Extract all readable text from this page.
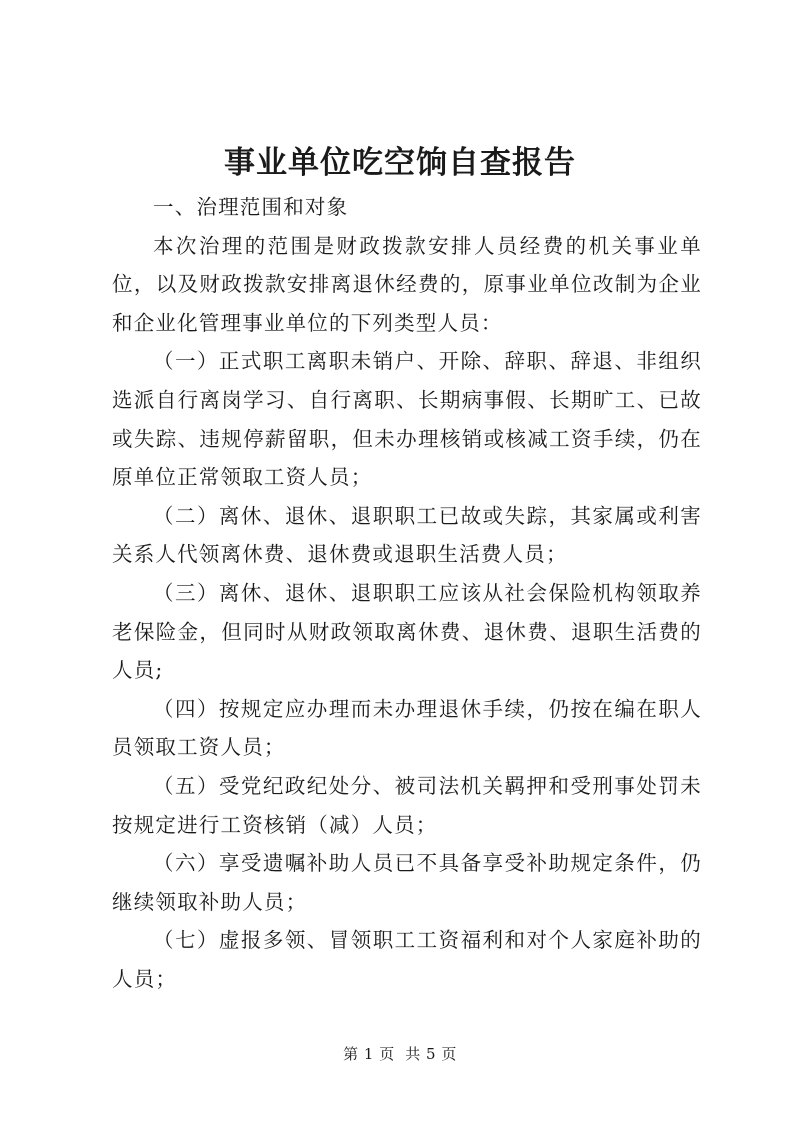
事业单位吃空饷自查报告

一、治理范围和对象

本次治理的范围是财政拨款安排人员经费的机关事业单位，以及财政拨款安排离退休经费的，原事业单位改制为企业和企业化管理事业单位的下列类型人员：

（一）正式职工离职未销户、开除、辞职、辞退、非组织选派自行离岗学习、自行离职、长期病事假、长期旷工、已故或失踪、违规停薪留职，但未办理核销或核减工资手续，仍在原单位正常领取工资人员；

（二）离休、退休、退职职工已故或失踪，其家属或利害关系人代领离休费、退休费或退职生活费人员；

（三）离休、退休、退职职工应该从社会保险机构领取养老保险金，但同时从财政领取离休费、退休费、退职生活费的人员;

（四）按规定应办理而未办理退休手续，仍按在编在职人员领取工资人员；

（五）受党纪政纪处分、被司法机关羁押和受刑事处罚未按规定进行工资核销（减）人员；

（六）享受遗嘱补助人员已不具备享受补助规定条件，仍继续领取补助人员；

（七）虚报多领、冒领职工工资福利和对个人家庭补助的人员；

第 1 页  共 5 页
